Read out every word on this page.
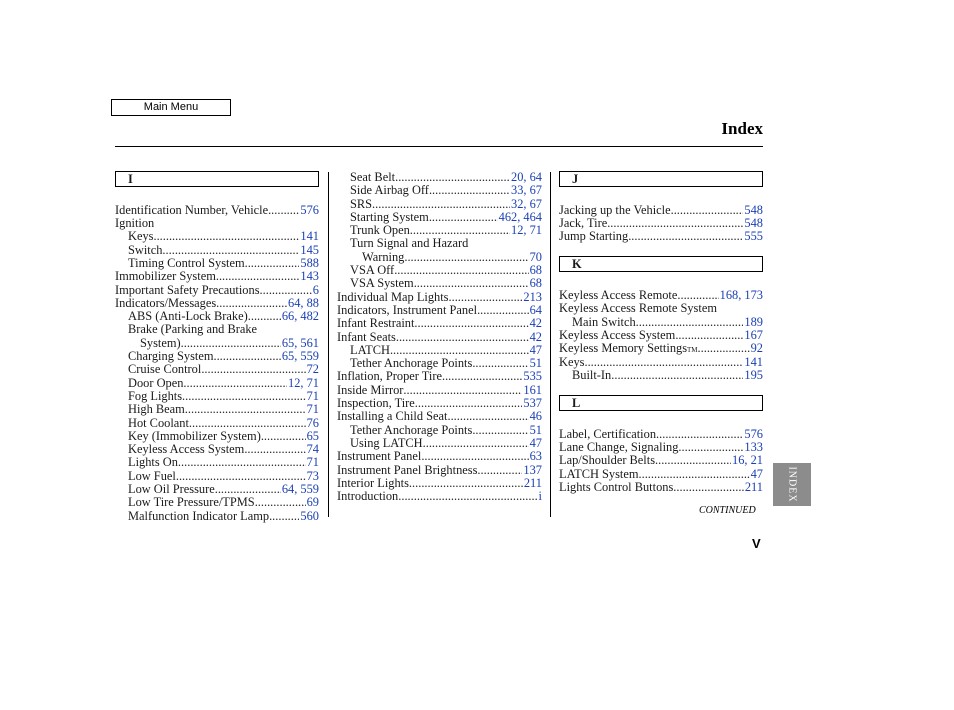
Main Menu
Index
I
Identification Number, Vehicle .....	576
Ignition
Keys .....	141
Switch .....	145
Timing Control System .....	588
Immobilizer System .....	143
Important Safety Precautions .....	6
Indicators/Messages .....	64, 88
ABS (Anti-Lock Brake) .....	66, 482
Brake (Parking and Brake
System) .....	65, 561
Charging System .....	65, 559
Cruise Control .....	72
Door Open .....	12, 71
Fog Lights .....	71
High Beam .....	71
Hot Coolant .....	76
Key (Immobilizer System) .....	65
Keyless Access System .....	74
Lights On .....	71
Low Fuel .....	73
Low Oil Pressure .....	64, 559
Low Tire Pressure/TPMS .....	69
Malfunction Indicator Lamp .....	560
Seat Belt .....	20, 64
Side Airbag Off .....	33, 67
SRS .....	32, 67
Starting System .....	462, 464
Trunk Open .....	12, 71
Turn Signal and Hazard
Warning .....	70
VSA Off .....	68
VSA System .....	68
Individual Map Lights .....	213
Indicators, Instrument Panel .....	64
Infant Restraint .....	42
Infant Seats .....	42
LATCH .....	47
Tether Anchorage Points .....	51
Inflation, Proper Tire .....	535
Inside Mirror .....	161
Inspection, Tire .....	537
Installing a Child Seat .....	46
Tether Anchorage Points .....	51
Using LATCH .....	47
Instrument Panel .....	63
Instrument Panel Brightness .....	137
Interior Lights .....	211
Introduction .....	i
J
Jacking up the Vehicle .....	548
Jack, Tire .....	548
Jump Starting .....	555
K
Keyless Access Remote .....	168, 173
Keyless Access Remote System
Main Switch .....	189
Keyless Access System .....	167
Keyless Memory Settings TM .....	92
Keys .....	141
Built-In .....	195
L
Label, Certification .....	576
Lane Change, Signaling .....	133
Lap/Shoulder Belts .....	16, 21
LATCH System .....	47
Lights Control Buttons .....	211
CONTINUED
V
INDEX
